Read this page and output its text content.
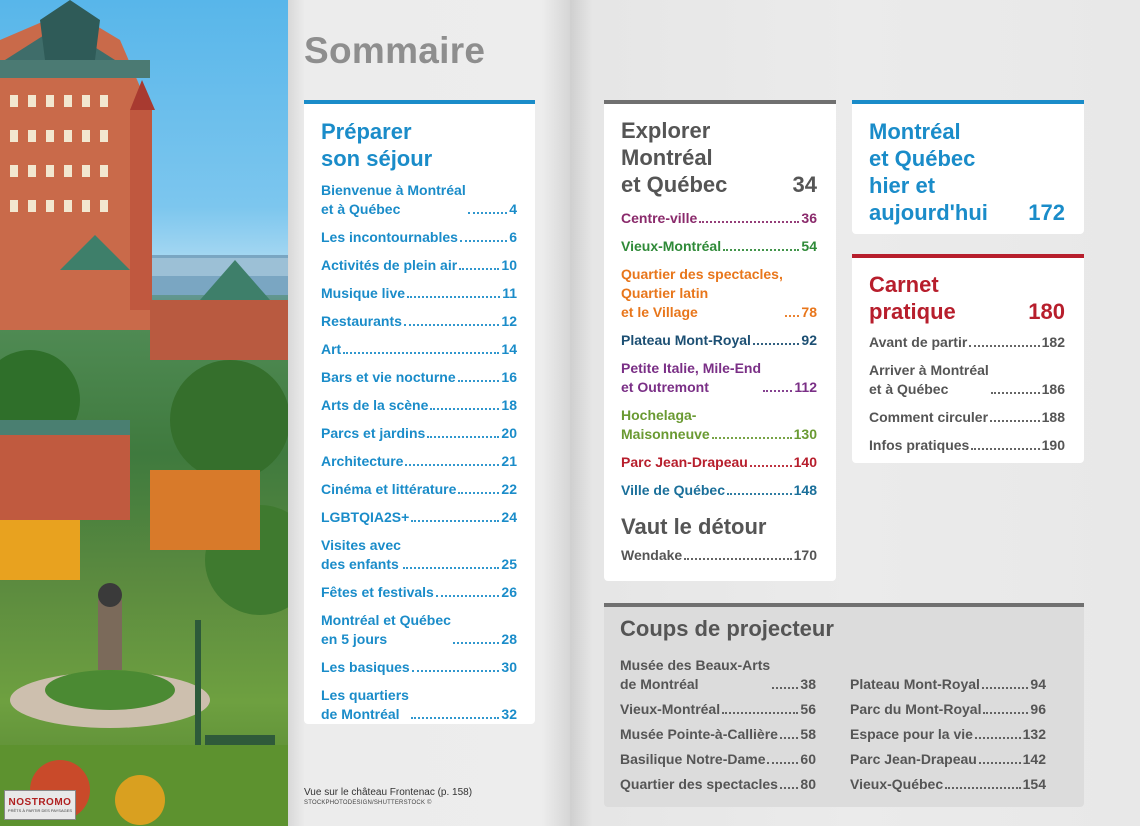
NOSTROMO
PRÊTS À PARTIR DES PAYSAGES
Sommaire
Préparer
son séjour
Bienvenue à Montréal
et à Québec	4
Les incontournables	6
Activités de plein air	10
Musique live	11
Restaurants	12
Art	14
Bars et vie nocturne	16
Arts de la scène	18
Parcs et jardins	20
Architecture	21
Cinéma et littérature	22
LGBTQIA2S+	24
Visites avec
des enfants	25
Fêtes et festivals	26
Montréal et Québec
en 5 jours	28
Les basiques	30
Les quartiers
de Montréal	32
Explorer
Montréal
et Québec	34
Centre-ville	36
Vieux-Montréal	54
Quartier des spectacles,
Quartier latin
et le Village	78
Plateau Mont-Royal	92
Petite Italie, Mile-End
et Outremont	112
Hochelaga-
Maisonneuve	130
Parc Jean-Drapeau	140
Ville de Québec	148
Vaut le détour
Wendake	170
Montréal
et Québec
hier et
aujourd'hui	172
Carnet
pratique	180
Avant de partir	182
Arriver à Montréal
et à Québec	186
Comment circuler	188
Infos pratiques	190
Coups de projecteur
Musée des Beaux-Arts
de Montréal	38
Vieux-Montréal	56
Musée Pointe-à-Callière 58
Basilique Notre-Dame 60
Quartier des spectacles 80
Plateau Mont-Royal	94
Parc du Mont-Royal	96
Espace pour la vie	132
Parc Jean-Drapeau	142
Vieux-Québec	154
Vue sur le château Frontenac (p. 158)
STOCKPHOTODESIGN/SHUTTERSTOCK ©
